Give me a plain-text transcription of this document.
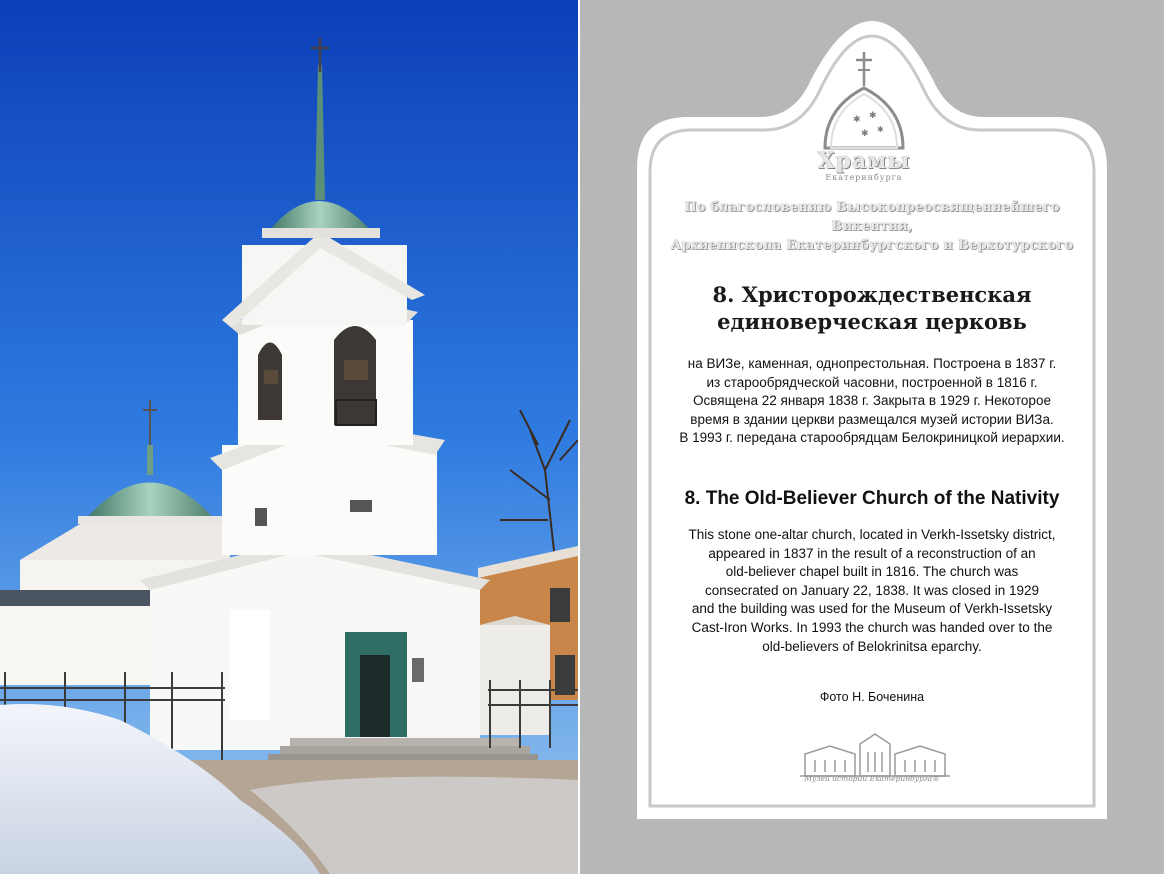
✱ ✱
✱ ✱
Храмы
Екатеринбурга
По благословению Высокопреосвященнейшего Викентия,
Архиепископа Екатеринбургского и Верхотурского
8. Христорождественская
единоверческая церковь
на ВИЗе, каменная, однопрестольная. Построена в 1837 г.
из старообрядческой часовни, построенной в 1816 г.
Освящена 22 января 1838 г. Закрыта в 1929 г. Некоторое
время в здании церкви размещался музей истории ВИЗа.
В 1993 г. передана старообрядцам Белокриницкой иерархии.
8. The Old-Believer Church of the Nativity
This stone one-altar church, located in Verkh-Issetsky district,
appeared in 1837 in the result of a reconstruction of an
old-believer chapel built in 1816. The church was
consecrated on January 22, 1838. It was closed in 1929
and the building was used for the Museum of Verkh-Issetsky
Cast-Iron Works. In 1993 the church was handed over to the
old-believers of Belokrinitsa eparchy.
Фото Н. Боченина
Музей истории Екатеринбурга®
